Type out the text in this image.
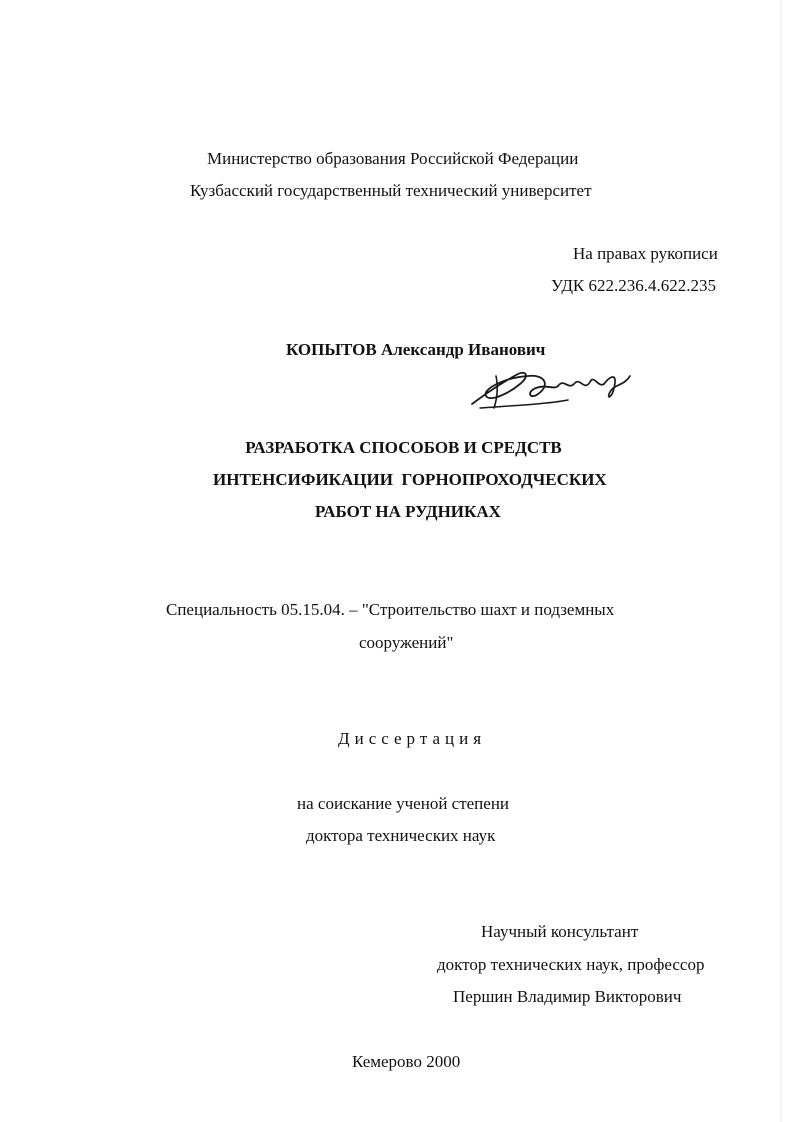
Министерство образования Российской Федерации
Кузбасский государственный технический университет
На правах рукописи
УДК 622.236.4.622.235
КОПЫТОВ Александр Иванович
РАЗРАБОТКА СПОСОБОВ И СРЕДСТВ
ИНТЕНСИФИКАЦИИ  ГОРНОПРОХОДЧЕСКИХ
РАБОТ НА РУДНИКАХ
Специальность 05.15.04. – "Строительство шахт и подземных
сооружений"
Диссертация
на соискание ученой степени
доктора технических наук
Научный консультант
доктор технических наук, профессор
Першин Владимир Викторович
Кемерово 2000
